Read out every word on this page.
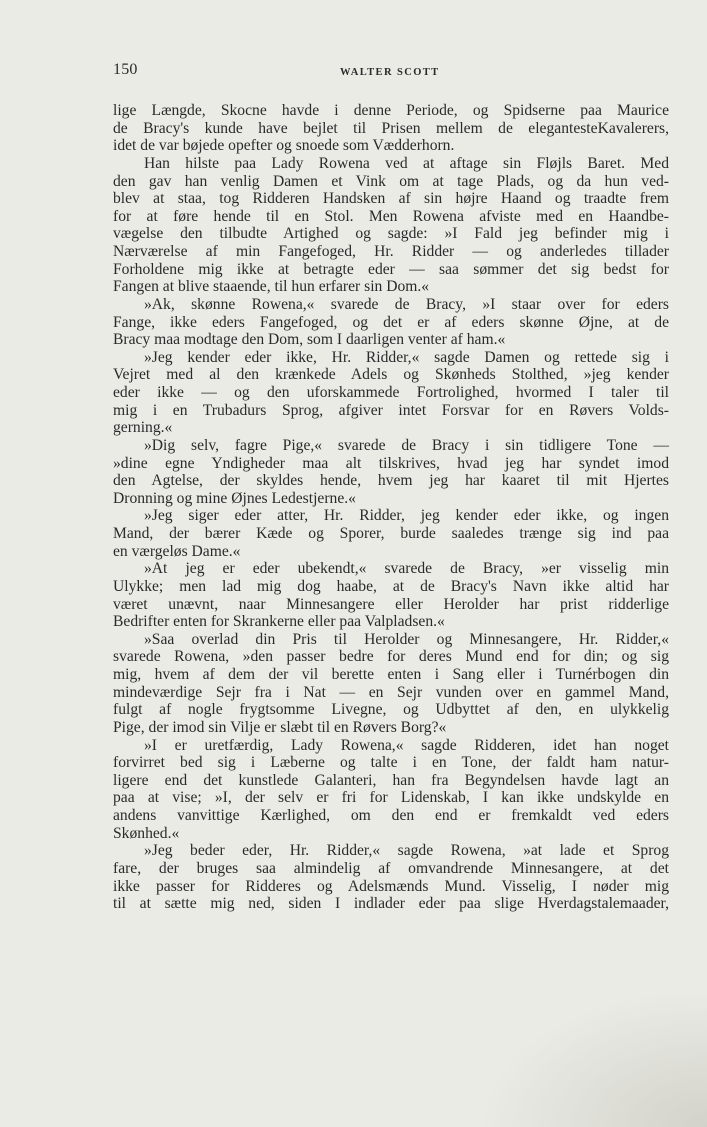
150	WALTER SCOTT
lige Længde, Skocne havde i denne Periode, og Spidserne paa Maurice
de Bracy's kunde have bejlet til Prisen mellem de elegantesteKavalerers,
idet de var bøjede opefter og snoede som Vædderhorn.
Han hilste paa Lady Rowena ved at aftage sin Fløjls Baret. Med
den gav han venlig Damen et Vink om at tage Plads, og da hun ved-
blev at staa, tog Ridderen Handsken af sin højre Haand og traadte frem
for at føre hende til en Stol. Men Rowena afviste med en Haandbe-
vægelse den tilbudte Artighed og sagde: »I Fald jeg befinder mig i
Nærværelse af min Fangefoged, Hr. Ridder — og anderledes tillader
Forholdene mig ikke at betragte eder — saa sømmer det sig bedst for
Fangen at blive staaende, til hun erfarer sin Dom.«
»Ak, skønne Rowena,« svarede de Bracy, »I staar over for eders
Fange, ikke eders Fangefoged, og det er af eders skønne Øjne, at de
Bracy maa modtage den Dom, som I daarligen venter af ham.«
»Jeg kender eder ikke, Hr. Ridder,« sagde Damen og rettede sig i
Vejret med al den krænkede Adels og Skønheds Stolthed, »jeg kender
eder ikke — og den uforskammede Fortrolighed, hvormed I taler til
mig i en Trubadurs Sprog, afgiver intet Forsvar for en Røvers Volds-
gerning.«
»Dig selv, fagre Pige,« svarede de Bracy i sin tidligere Tone —
»dine egne Yndigheder maa alt tilskrives, hvad jeg har syndet imod
den Agtelse, der skyldes hende, hvem jeg har kaaret til mit Hjertes
Dronning og mine Øjnes Ledestjerne.«
»Jeg siger eder atter, Hr. Ridder, jeg kender eder ikke, og ingen
Mand, der bærer Kæde og Sporer, burde saaledes trænge sig ind paa
en værgeløs Dame.«
»At jeg er eder ubekendt,« svarede de Bracy, »er visselig min
Ulykke; men lad mig dog haabe, at de Bracy's Navn ikke altid har
været unævnt, naar Minnesangere eller Herolder har prist ridderlige
Bedrifter enten for Skrankerne eller paa Valpladsen.«
»Saa overlad din Pris til Herolder og Minnesangere, Hr. Ridder,«
svarede Rowena, »den passer bedre for deres Mund end for din; og sig
mig, hvem af dem der vil berette enten i Sang eller i Turnérbogen din
mindeværdige Sejr fra i Nat — en Sejr vunden over en gammel Mand,
fulgt af nogle frygtsomme Livegne, og Udbyttet af den, en ulykkelig
Pige, der imod sin Vilje er slæbt til en Røvers Borg?«
»I er uretfærdig, Lady Rowena,« sagde Ridderen, idet han noget
forvirret bed sig i Læberne og talte i en Tone, der faldt ham natur-
ligere end det kunstlede Galanteri, han fra Begyndelsen havde lagt an
paa at vise; »I, der selv er fri for Lidenskab, I kan ikke undskylde en
andens vanvittige Kærlighed, om den end er fremkaldt ved eders
Skønhed.«
»Jeg beder eder, Hr. Ridder,« sagde Rowena, »at lade et Sprog
fare, der bruges saa almindelig af omvandrende Minnesangere, at det
ikke passer for Ridderes og Adelsmænds Mund. Visselig, I nøder mig
til at sætte mig ned, siden I indlader eder paa slige Hverdagstalemaader,
